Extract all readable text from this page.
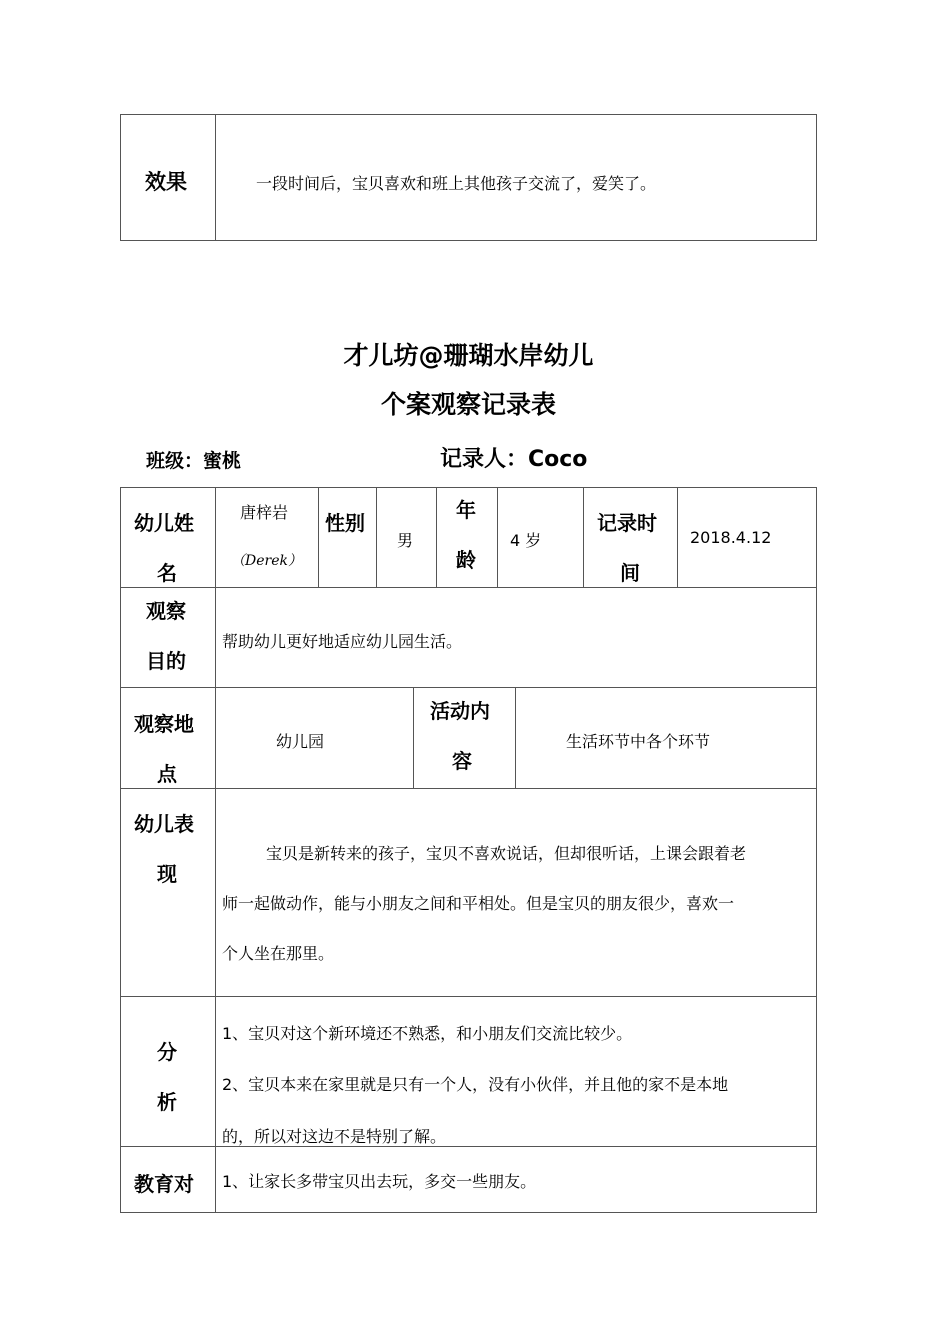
效果	一段时间后，宝贝喜欢和班上其他孩子交流了，爱笑了。
才儿坊@珊瑚水岸幼儿
个案观察记录表
班级：蜜桃	记录人：Coco
幼儿姓
名
唐梓岩
（Derek）
性别
男
年
龄
4 岁
记录时
间
2018.4.12
观察
目的
帮助幼儿更好地适应幼儿园生活。
观察地
点
幼儿园
活动内
容
生活环节中各个环节
幼儿表
现
宝贝是新转来的孩子，宝贝不喜欢说话，但却很听话，上课会跟着老
师一起做动作，能与小朋友之间和平相处。但是宝贝的朋友很少，喜欢一
个人坐在那里。
分
析
1、宝贝对这个新环境还不熟悉，和小朋友们交流比较少。
2、宝贝本来在家里就是只有一个人，没有小伙伴，并且他的家不是本地
的，所以对这边不是特别了解。
教育对 1、让家长多带宝贝出去玩，多交一些朋友。
